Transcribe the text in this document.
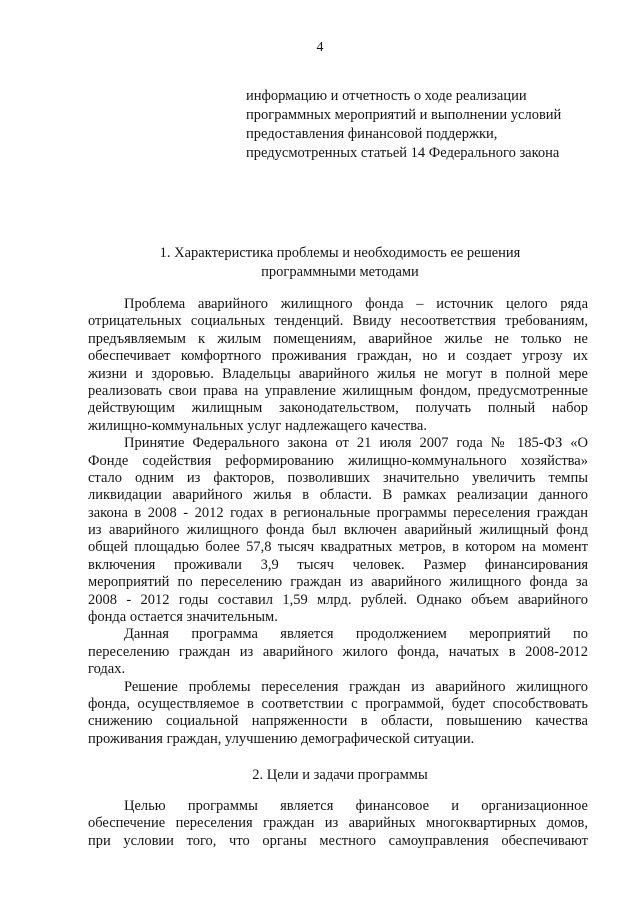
4
информацию и отчетность о ходе реализации
программных мероприятий и выполнении условий
предоставления финансовой поддержки,
предусмотренных статьей 14 Федерального закона
1. Характеристика проблемы и необходимость ее решения
программными методами
Проблема аварийного жилищного фонда – источник целого ряда
отрицательных социальных тенденций. Ввиду несоответствия требованиям,
предъявляемым к жилым помещениям, аварийное жилье не только не
обеспечивает комфортного проживания граждан, но и создает угрозу их
жизни и здоровью. Владельцы аварийного жилья не могут в полной мере
реализовать свои права на управление жилищным фондом, предусмотренные
действующим жилищным законодательством, получать полный набор
жилищно-коммунальных услуг надлежащего качества.
Принятие Федерального закона от 21 июля 2007 года № 185-ФЗ «О
Фонде содействия реформированию жилищно-коммунального хозяйства»
стало одним из факторов, позволивших значительно увеличить темпы
ликвидации аварийного жилья в области. В рамках реализации данного
закона в 2008 - 2012 годах в региональные программы переселения граждан
из аварийного жилищного фонда был включен аварийный жилищный фонд
общей площадью более 57,8 тысяч квадратных метров, в котором на момент
включения проживали 3,9 тысяч человек. Размер финансирования
мероприятий по переселению граждан из аварийного жилищного фонда за
2008 - 2012 годы составил 1,59 млрд. рублей. Однако объем аварийного
фонда остается значительным.
Данная программа является продолжением мероприятий по
переселению граждан из аварийного жилого фонда, начатых в 2008-2012
годах.
Решение проблемы переселения граждан из аварийного жилищного
фонда, осуществляемое в соответствии с программой, будет способствовать
снижению социальной напряженности в области, повышению качества
проживания граждан, улучшению демографической ситуации.
2. Цели и задачи программы
Целью программы является финансовое и организационное
обеспечение переселения граждан из аварийных многоквартирных домов,
при условии того, что органы местного самоуправления обеспечивают
